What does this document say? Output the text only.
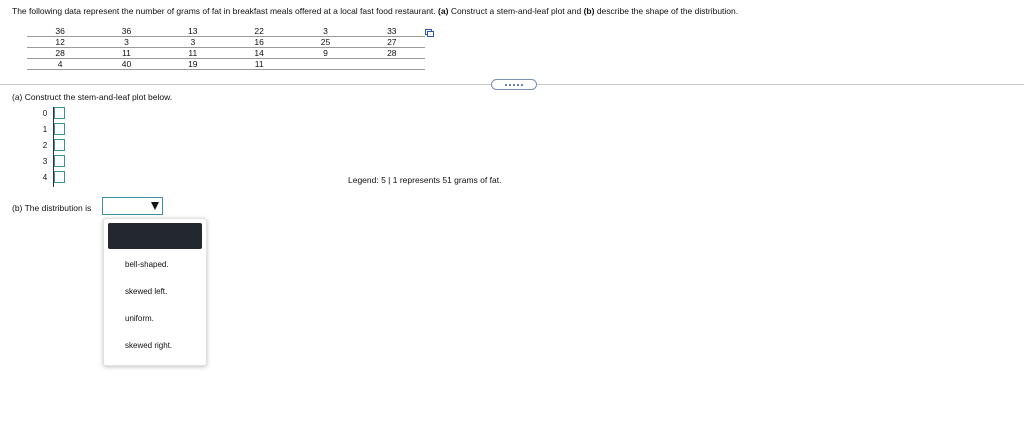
The following data represent the number of grams of fat in breakfast meals offered at a local fast food restaurant. (a) Construct a stem-and-leaf plot and (b) describe the shape of the distribution.
36	36	13	22	3	33
12	3	3	16	25	27
28	11	11	14	9	28
4	40	19	11		
(a) Construct the stem-and-leaf plot below.
0
1
2
3
4	Legend: 5 | 1 represents 51 grams of fat.
(b) The distribution is
bell-shaped.
skewed left.
uniform.
skewed right.
